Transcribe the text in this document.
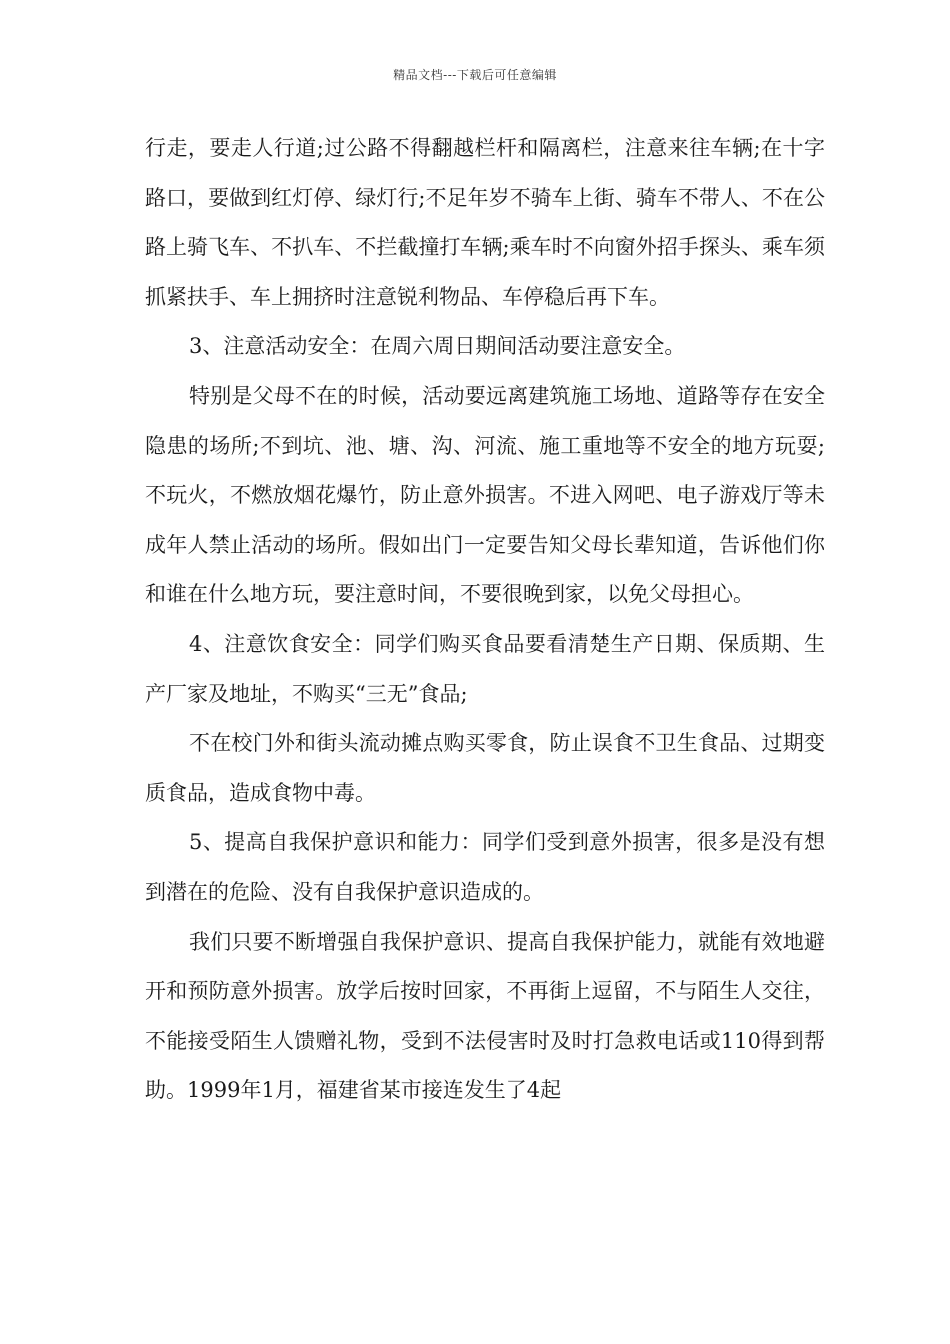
精品文档---下载后可任意编辑

行走，要走人行道;过公路不得翻越栏杆和隔离栏，注意来往车辆;在十字路口，要做到红灯停、绿灯行;不足年岁不骑车上街、骑车不带人、不在公路上骑飞车、不扒车、不拦截撞打车辆;乘车时不向窗外招手探头、乘车须抓紧扶手、车上拥挤时注意锐利物品、车停稳后再下车。

3、注意活动安全：在周六周日期间活动要注意安全。

特别是父母不在的时候，活动要远离建筑施工场地、道路等存在安全隐患的场所;不到坑、池、塘、沟、河流、施工重地等不安全的地方玩耍;不玩火，不燃放烟花爆竹，防止意外损害。不进入网吧、电子游戏厅等未成年人禁止活动的场所。假如出门一定要告知父母长辈知道，告诉他们你和谁在什么地方玩，要注意时间，不要很晚到家，以免父母担心。

4、注意饮食安全：同学们购买食品要看清楚生产日期、保质期、生产厂家及地址，不购买“三无”食品;

不在校门外和街头流动摊点购买零食，防止误食不卫生食品、过期变质食品，造成食物中毒。

5、提高自我保护意识和能力：同学们受到意外损害，很多是没有想到潜在的危险、没有自我保护意识造成的。

我们只要不断增强自我保护意识、提高自我保护能力，就能有效地避开和预防意外损害。放学后按时回家，不再街上逗留，不与陌生人交往，不能接受陌生人馈赠礼物，受到不法侵害时及时打急救电话或110得到帮助。1999年1月，福建省某市接连发生了4起
